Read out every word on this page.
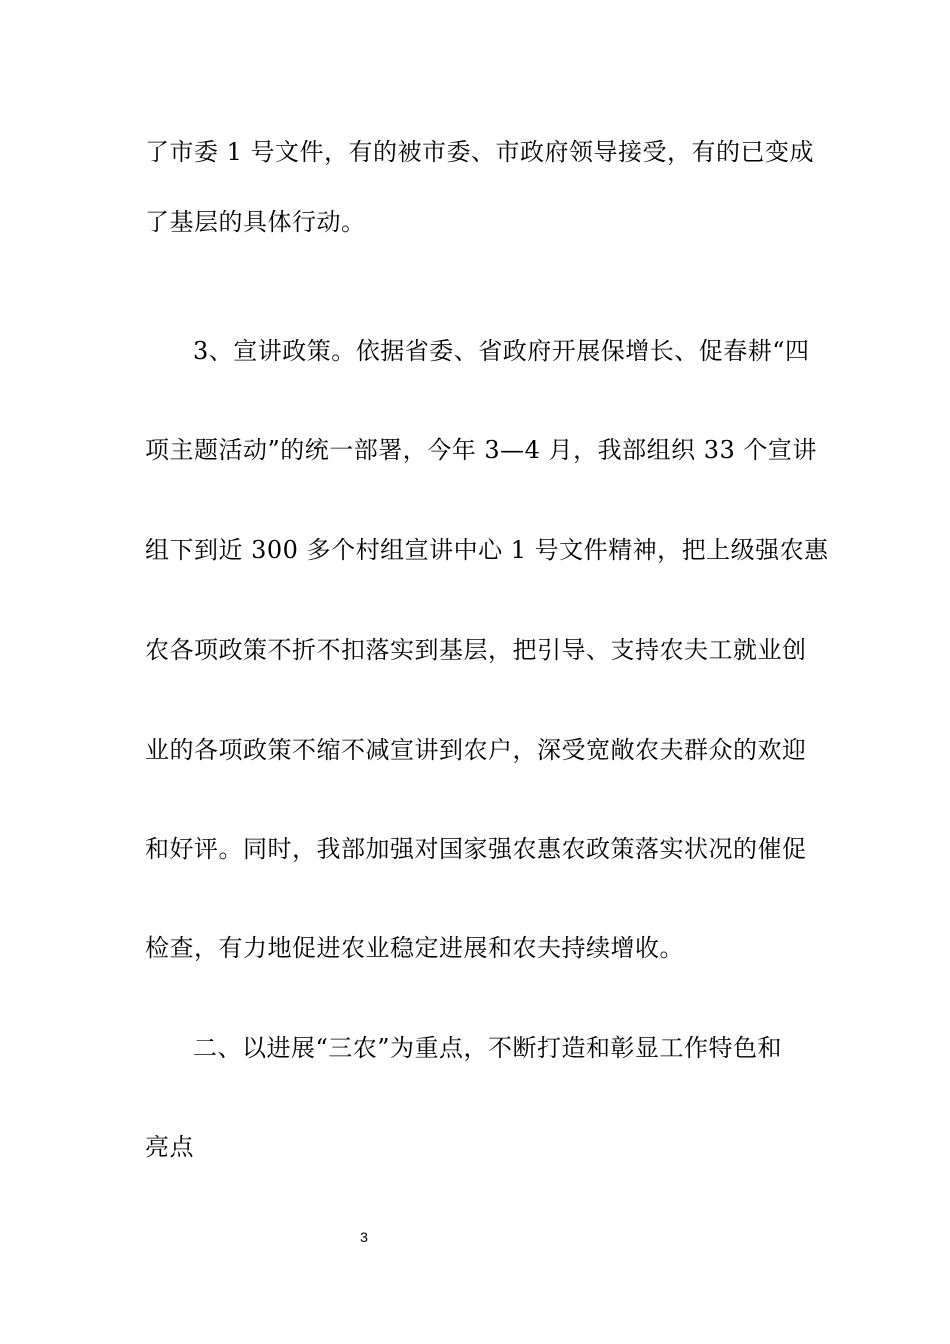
了市委 1 号文件，有的被市委、市政府领导接受，有的已变成
了基层的具体行动。
3、宣讲政策。依据省委、省政府开展保增长、促春耕“四
项主题活动”的统一部署，今年 3—4 月，我部组织 33 个宣讲
组下到近 300 多个村组宣讲中心 1 号文件精神，把上级强农惠
农各项政策不折不扣落实到基层，把引导、支持农夫工就业创
业的各项政策不缩不减宣讲到农户，深受宽敞农夫群众的欢迎
和好评。同时，我部加强对国家强农惠农政策落实状况的催促
检查，有力地促进农业稳定进展和农夫持续增收。
二、以进展“三农”为重点，不断打造和彰显工作特色和
亮点
3
